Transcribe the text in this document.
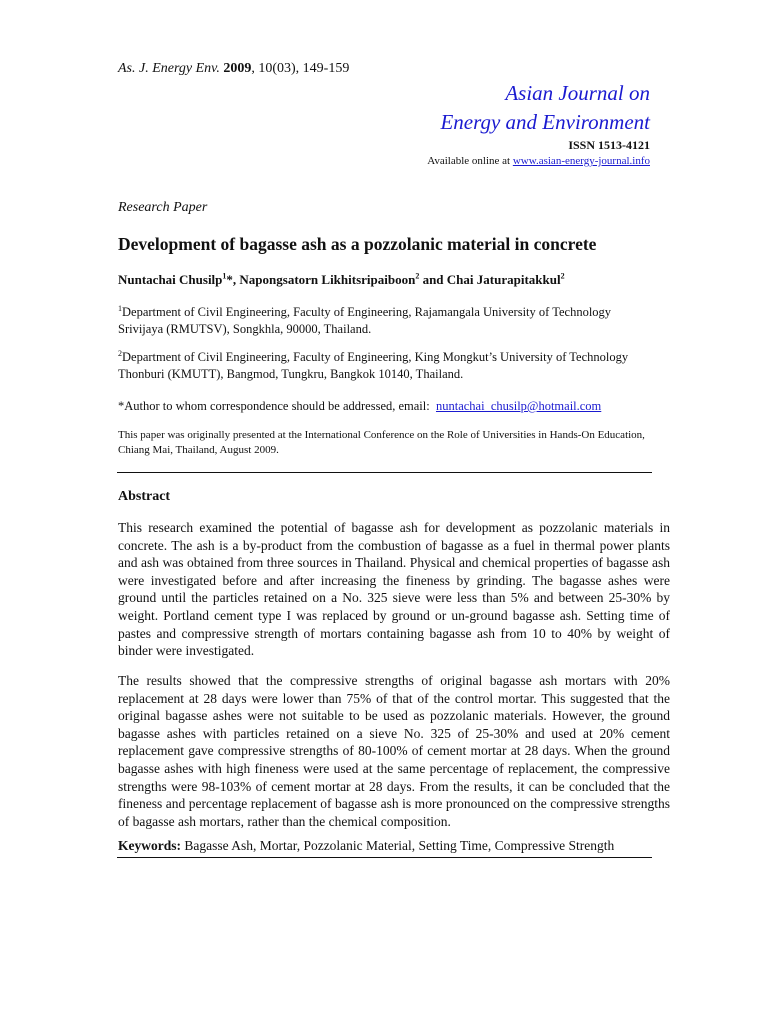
As. J. Energy Env. 2009, 10(03), 149-159
Asian Journal on
Energy and Environment
ISSN 1513-4121
Available online at www.asian-energy-journal.info
Research Paper
Development of bagasse ash as a pozzolanic material in concrete
Nuntachai Chusilp$^1$*, Napongsatorn Likhitsripaiboon$^2$ and Chai Jaturapitakkul$^2$
$^1$Department of Civil Engineering, Faculty of Engineering, Rajamangala University of Technology Srivijaya (RMUTSV), Songkhla, 90000, Thailand.
$^2$Department of Civil Engineering, Faculty of Engineering, King Mongkut’s University of Technology Thonburi (KMUTT), Bangmod, Tungkru, Bangkok 10140, Thailand.
*Author to whom correspondence should be addressed, email:  nuntachai_chusilp@hotmail.com
This paper was originally presented at the International Conference on the Role of Universities in Hands-On Education, Chiang Mai, Thailand, August 2009.
Abstract
This research examined the potential of bagasse ash for development as pozzolanic materials in concrete. The ash is a by-product from the combustion of bagasse as a fuel in thermal power plants and ash was obtained from three sources in Thailand. Physical and chemical properties of bagasse ash were investigated before and after increasing the fineness by grinding. The bagasse ashes were ground until the particles retained on a No. 325 sieve were less than 5% and between 25-30% by weight. Portland cement type I was replaced by ground or un-ground bagasse ash. Setting time of pastes and compressive strength of mortars containing bagasse ash from 10 to 40% by weight of binder were investigated.
The results showed that the compressive strengths of original bagasse ash mortars with 20% replacement at 28 days were lower than 75% of that of the control mortar. This suggested that the original bagasse ashes were not suitable to be used as pozzolanic materials. However, the ground bagasse ashes with particles retained on a sieve No. 325 of 25-30% and used at 20% cement replacement gave compressive strengths of 80-100% of cement mortar at 28 days. When the ground bagasse ashes with high fineness were used at the same percentage of replacement, the compressive strengths were 98-103% of cement mortar at 28 days. From the results, it can be concluded that the fineness and percentage replacement of bagasse ash is more pronounced on the compressive strengths of bagasse ash mortars, rather than the chemical composition.
Keywords: Bagasse Ash, Mortar, Pozzolanic Material, Setting Time, Compressive Strength
